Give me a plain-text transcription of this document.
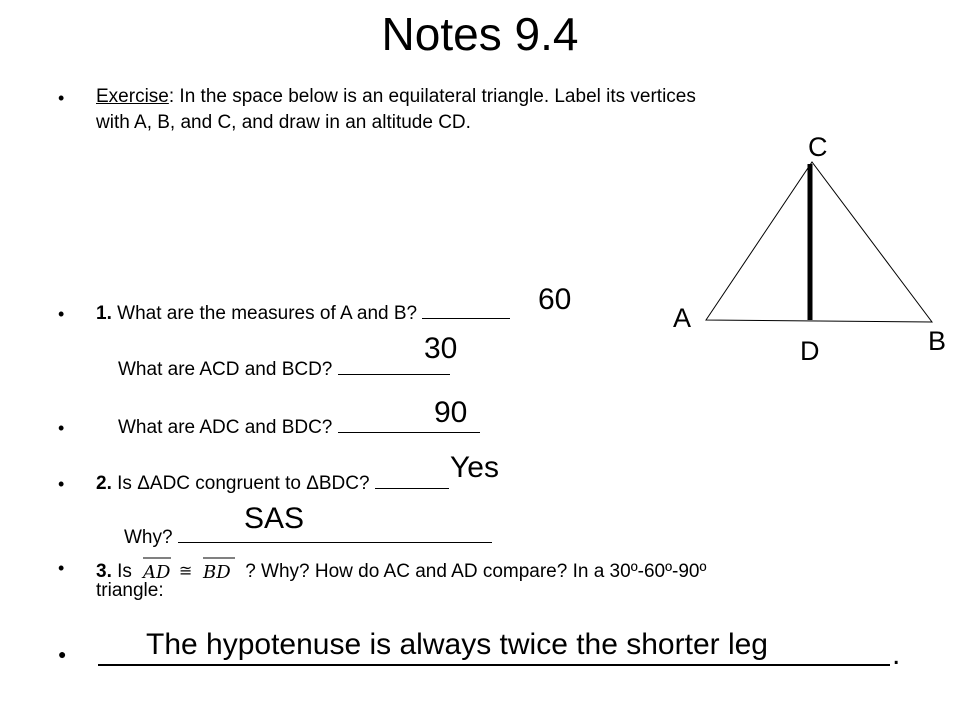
Notes 9.4
• Exercise: In the space below is an equilateral triangle. Label its vertices
with A, B, and C, and draw in an altitude CD.
• 1. What are the measures of A and B?	60
What are ACD and BCD?
30
•	What are ADC and BDC?	90
• 2. Is ΔADC congruent to ΔBDC?	Yes
Why?
SAS
• 3. Is AD ≅ BD ? Why? How do AC and AD compare? In a 30º-60º-90º
triangle:
●	The hypotenuse is always twice the shorter leg	.
C
A
B
D
